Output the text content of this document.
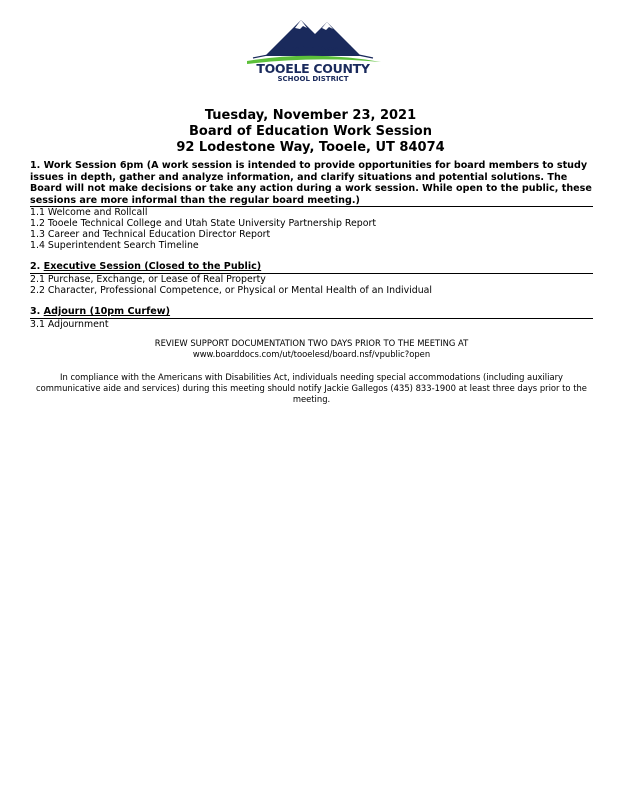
Education Elevated
TOOELE COUNTY
SCHOOL DISTRICT
Tuesday, November 23, 2021
Board of Education Work Session
92 Lodestone Way, Tooele, UT 84074
1. Work Session 6pm (A work session is intended to provide opportunities for board members to study issues in depth, gather and analyze information, and clarify situations and potential solutions. The Board will not make decisions or take any action during a work session. While open to the public, these sessions are more informal than the regular board meeting.)
1.1 Welcome and Rollcall
1.2 Tooele Technical College and Utah State University Partnership Report
1.3 Career and Technical Education Director Report
1.4 Superintendent Search Timeline
2. Executive Session (Closed to the Public)
2.1 Purchase, Exchange, or Lease of Real Property
2.2 Character, Professional Competence, or Physical or Mental Health of an Individual
3. Adjourn (10pm Curfew)
3.1 Adjournment
REVIEW SUPPORT DOCUMENTATION TWO DAYS PRIOR TO THE MEETING AT
www.boarddocs.com/ut/tooelesd/board.nsf/vpublic?open
In compliance with the Americans with Disabilities Act, individuals needing special accommodations (including auxiliary communicative aide and services) during this meeting should notify Jackie Gallegos (435) 833-1900 at least three days prior to the meeting.
